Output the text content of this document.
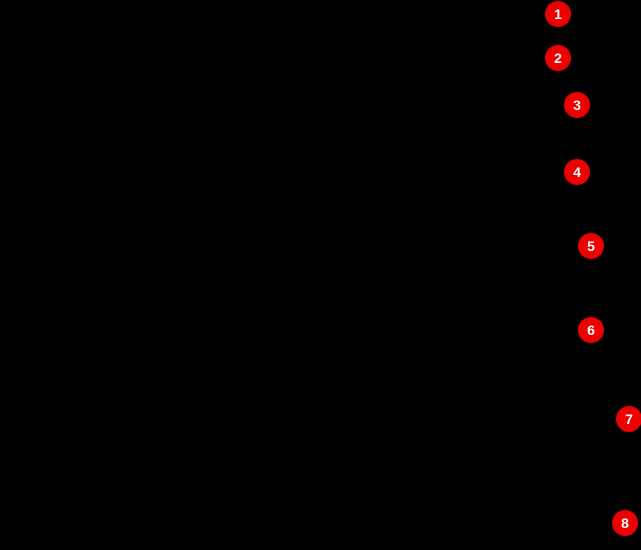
1
2
3
4
5
6
7
8
